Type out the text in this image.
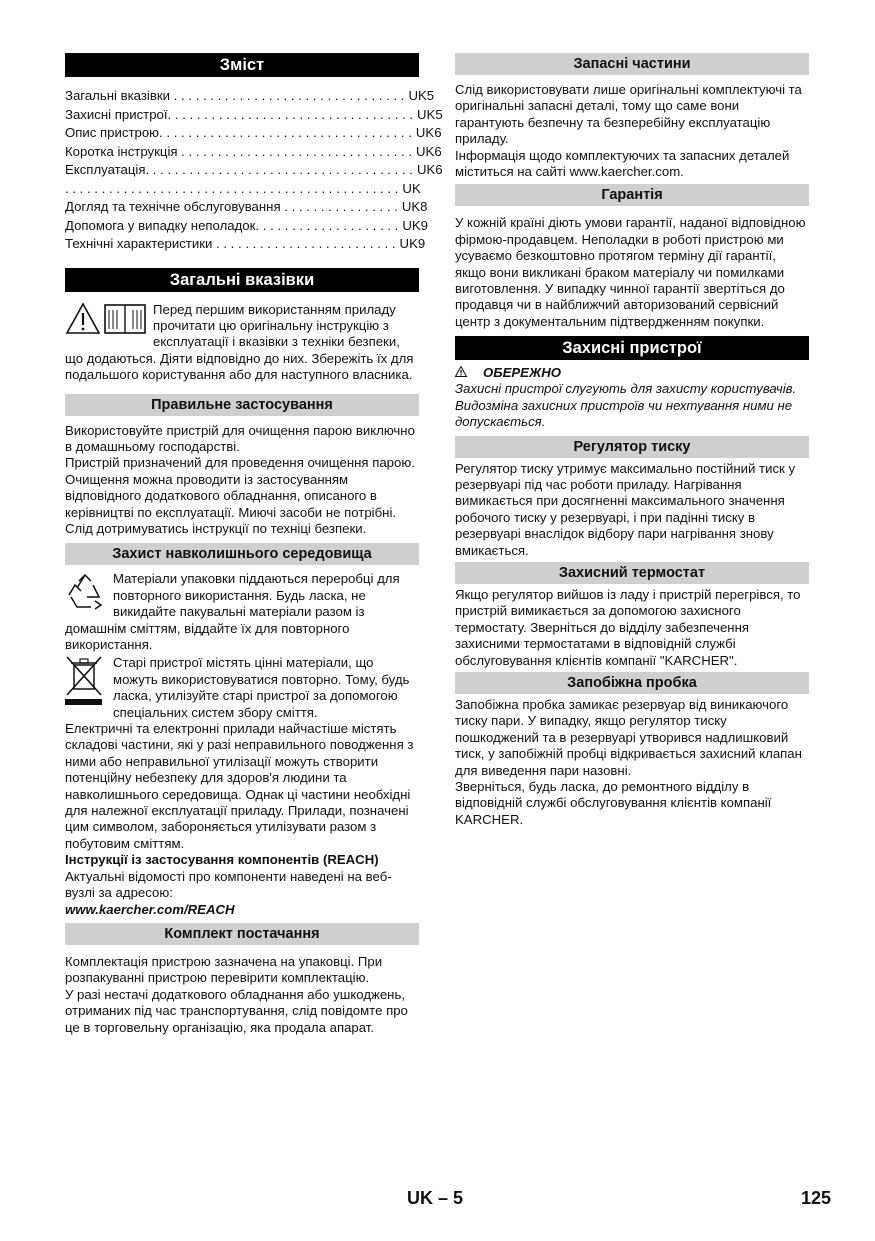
Зміст
Загальні вказівки . . . . . . . . . . . . . . . . . . . . . . . . . . . . . . . . UK 5
Захисні пристрої. . . . . . . . . . . . . . . . . . . . . . . . . . . . . . . . . . UK 5
Опис пристрою. . . . . . . . . . . . . . . . . . . . . . . . . . . . . . . . . . . UK 6
Коротка інструкція . . . . . . . . . . . . . . . . . . . . . . . . . . . . . . . . UK 6
Експлуатація. . . . . . . . . . . . . . . . . . . . . . . . . . . . . . . . . . . . . UK 6
. . . . . . . . . . . . . . . . . . . . . . . . . . . . . . . . . . . . . . . . . . . . . . UK
Догляд та технічне обслуговування . . . . . . . . . . . . . . . . UK 8
Допомога у випадку неполадок. . . . . . . . . . . . . . . . . . . . UK 9
Технічні характеристики . . . . . . . . . . . . . . . . . . . . . . . . . UK 9
Загальні вказівки

Перед першим використанням приладу прочитати цю оригінальну інструкцію з експлуатації і вказівки з техніки безпеки, що додаються. Діяти відповідно до них. Збережіть їх для подальшого користування або для наступного власника.

Правильне застосування

Використовуйте пристрій для очищення парою виключно в домашньому господарстві.

Пристрій призначений для проведення очищення парою. Очищення можна проводити із застосуванням відповідного додаткового обладнання, описаного в керівництві по експлуатації. Миючі засоби не потрібні. Слід дотримуватись інструкції по техніці безпеки.

Захист навколишнього середовища

Матеріали упаковки піддаються переробці для повторного використання. Будь ласка, не викидайте пакувальні матеріали разом із домашнім сміттям, віддайте їх для повторного використання.

Старі пристрої містять цінні матеріали, що можуть використовуватися повторно. Тому, будь ласка, утилізуйте старі пристрої за допомогою спеціальних систем збору сміття.

Електричні та електронні прилади найчастіше містять складові частини, які у разі неправильного поводження з ними або неправильної утилізації можуть створити потенційну небезпеку для здоров'я людини та навколишнього середовища. Однак ці частини необхідні для належної експлуатації приладу. Прилади, позначені цим символом, забороняється утилізувати разом з побутовим сміттям.

Інструкції із застосування компонентів (REACH)

Актуальні відомості про компоненти наведені на веб-вузлі за адресою:

www.kaercher.com/REACH

Комплект постачання

Комплектація пристрою зазначена на упаковці. При розпакуванні пристрою перевірити комплектацію.

У разі нестачі додаткового обладнання або ушкоджень, отриманих під час транспортування, слід повідомте про це в торговельну організацію, яка продала апарат.

Запасні частини

Слід використовувати лише оригінальні комплектуючі та оригінальні запасні деталі, тому що саме вони гарантують безпечну та безперебійну експлуатацію приладу.

Інформація щодо комплектуючих та запасних деталей міститься на сайті www.kaercher.com.

Гарантія

У кожній країні діють умови гарантії, наданої відповідною фірмою-продавцем. Неполадки в роботі пристрою ми усуваємо безкоштовно протягом терміну дії гарантії, якщо вони викликані браком матеріалу чи помилками виготовлення. У випадку чинної гарантії звертіться до продавця чи в найближчий авторизований сервісний центр з документальним підтвердженням покупки.

Захисні пристрої
ОБЕРЕЖНО

Захисні пристрої слугують для захисту користувачів. Видозміна захисних пристроїв чи нехтування ними не допускається.

Регулятор тиску

Регулятор тиску утримує максимально постійний тиск у резервуарі під час роботи приладу. Нагрівання вимикається при досягненні максимального значення робочого тиску у резервуарі, і при падінні тиску в резервуарі внаслідок відбору пари нагрівання знову вмикається.

Захисний термостат

Якщо регулятор вийшов із ладу і пристрій перегрівся, то пристрій вимикається за допомогою захисного термостату. Зверніться до відділу забезпечення захисними термостатами в відповідній службі обслуговування клієнтів компанії "KARCHER".

Запобіжна пробка

Запобіжна пробка замикає резервуар від виникаючого тиску пари. У випадку, якщо регулятор тиску пошкоджений та в резервуарі утворився надлишковий тиск, у запобіжній пробці відкривається захисний клапан для виведення пари назовні.

Зверніться, будь ласка, до ремонтного відділу в відповідній службі обслуговування клієнтів компанії KARCHER.

UK – 5	125
